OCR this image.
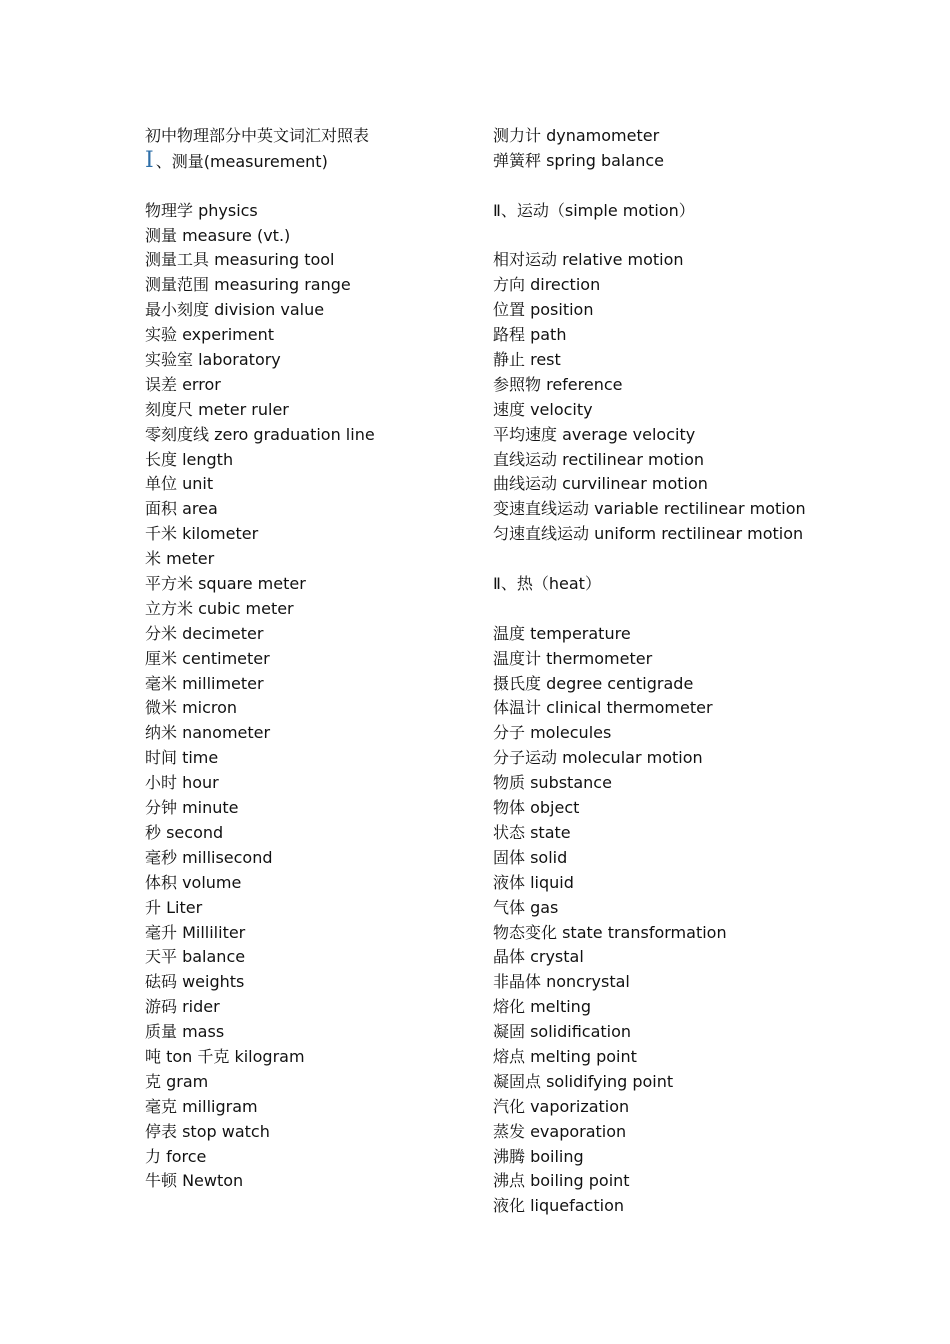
初中物理部分中英文词汇对照表
Ⅰ 、测量(measurement)
物理学 physics
测量 measure (vt.)
测量工具 measuring tool
测量范围 measuring range
最小刻度 division value
实验 experiment
实验室 laboratory
误差 error
刻度尺 meter ruler
零刻度线 zero graduation line
长度 length
单位 unit
面积 area
千米 kilometer
米 meter
平方米 square meter
立方米 cubic meter
分米 decimeter
厘米 centimeter
毫米 millimeter
微米 micron
纳米 nanometer
时间 time
小时 hour
分钟 minute
秒 second
毫秒 millisecond
体积 volume
升 Liter
毫升 Milliliter
天平 balance
砝码 weights
游码 rider
质量 mass
吨 ton 千克 kilogram
克 gram
毫克 milligram
停表 stop watch
力 force
牛顿 Newton
测力计 dynamometer
弹簧秤 spring balance
Ⅱ、运动（simple motion）
相对运动 relative motion
方向 direction
位置 position
路程 path
静止 rest
参照物 reference
速度 velocity
平均速度 average velocity
直线运动 rectilinear motion
曲线运动 curvilinear motion
变速直线运动 variable rectilinear motion
匀速直线运动 uniform rectilinear motion
Ⅱ、热（heat）
温度 temperature
温度计 thermometer
摄氏度 degree centigrade
体温计 clinical thermometer
分子 molecules
分子运动 molecular motion
物质 substance
物体 object
状态 state
固体 solid
液体 liquid
气体 gas
物态变化 state transformation
晶体 crystal
非晶体 noncrystal
熔化 melting
凝固 solidification
熔点 melting point
凝固点 solidifying point
汽化 vaporization
蒸发 evaporation
沸腾 boiling
沸点 boiling point
液化 liquefaction
